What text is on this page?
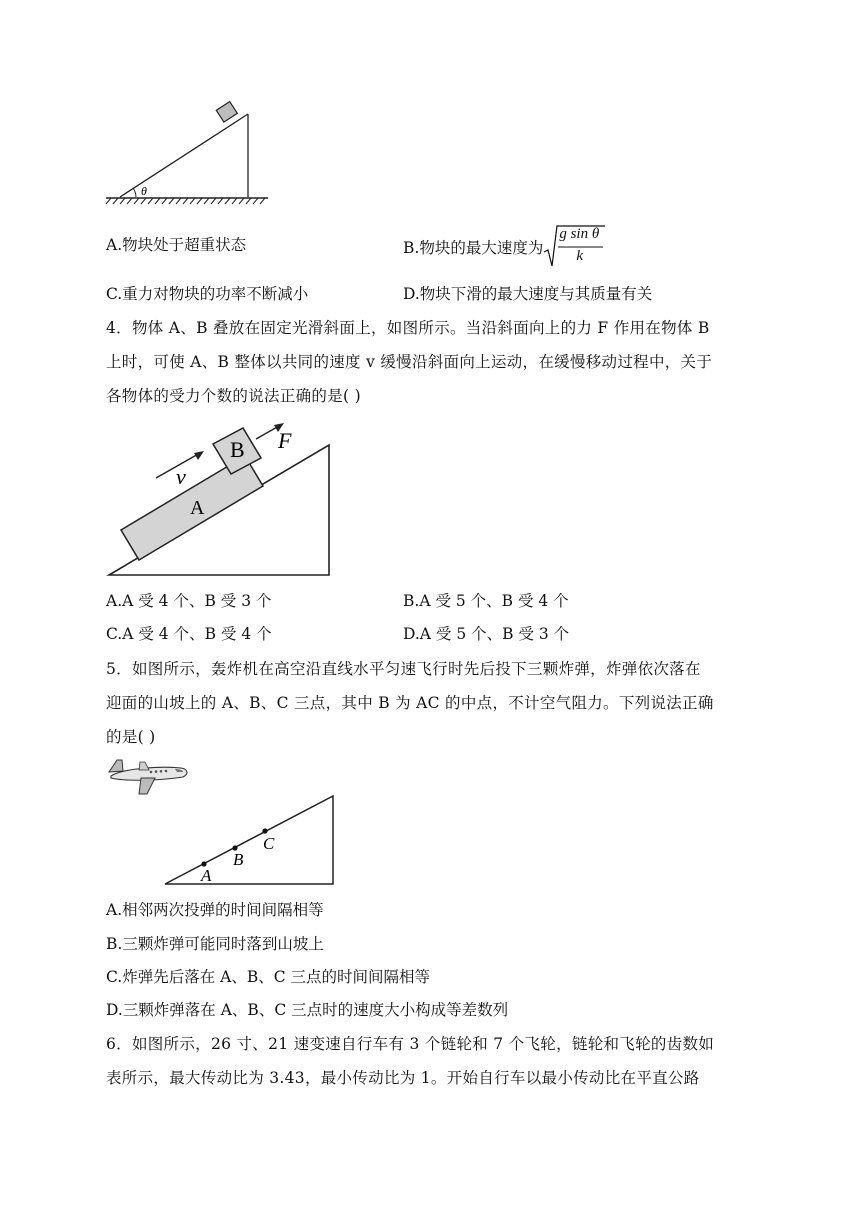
θ
A.物块处于超重状态	B.物块的最大速度为
g sin θ
k
C.重力对物块的功率不断减小	D.物块下滑的最大速度与其质量有关
4．物体 A、B 叠放在固定光滑斜面上，如图所示。当沿斜面向上的力 F 作用在物体 B
上时，可使 A、B 整体以共同的速度 v 缓慢沿斜面向上运动，在缓慢移动过程中，关于
各物体的受力个数的说法正确的是( )
B
A
F
v
A.A 受 4 个、B 受 3 个	B.A 受 5 个、B 受 4 个
C.A 受 4 个、B 受 4 个	D.A 受 5 个、B 受 3 个
5．如图所示，轰炸机在高空沿直线水平匀速飞行时先后投下三颗炸弹，炸弹依次落在
迎面的山坡上的 A、B、C 三点，其中 B 为 AC 的中点，不计空气阻力。下列说法正确
的是( )
A
B
C
A.相邻两次投弹的时间间隔相等
B.三颗炸弹可能同时落到山坡上
C.炸弹先后落在 A、B、C 三点的时间间隔相等
D.三颗炸弹落在 A、B、C 三点时的速度大小构成等差数列
6．如图所示，26 寸、21 速变速自行车有 3 个链轮和 7 个飞轮，链轮和飞轮的齿数如
表所示，最大传动比为 3.43，最小传动比为 1。开始自行车以最小传动比在平直公路
